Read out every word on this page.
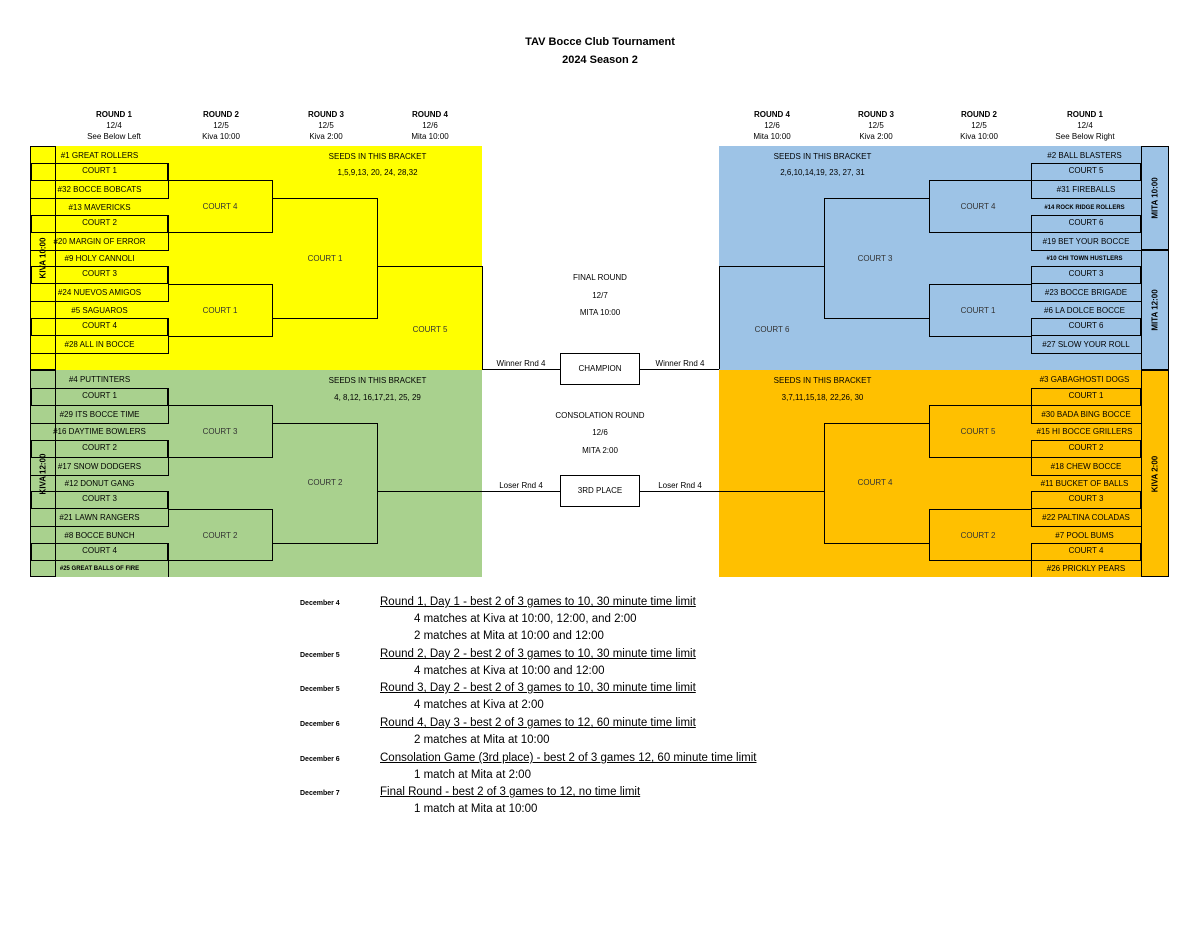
TAV Bocce Club Tournament
2024 Season 2
ROUND 1
12/4
See Below Left
ROUND 2
12/5
Kiva 10:00
ROUND 3
12/5
Kiva 2:00
ROUND 4
12/6
Mita 10:00
ROUND 4
12/6
Mita 10:00
ROUND 3
12/5
Kiva 2:00
ROUND 2
12/5
Kiva 10:00
ROUND 1
12/4
See Below Right
KIVA 10:00
KIVA 12:00
MITA 10:00
MITA 12:00
KIVA 2:00
#1 GREAT ROLLERS
COURT 1
#32 BOCCE BOBCATS
#13 MAVERICKS
COURT 2
#20 MARGIN OF ERROR
#9 HOLY CANNOLI
COURT 3
#24 NUEVOS AMIGOS
#5 SAGUAROS
COURT 4
#28 ALL IN BOCCE
SEEDS IN THIS BRACKET
1,5,9,13, 20, 24, 28,32
COURT 4
COURT 1
COURT 1
COURT 5
#4 PUTTINTERS
COURT 1
#29 ITS BOCCE TIME
#16 DAYTIME BOWLERS
COURT 2
#17 SNOW DODGERS
#12 DONUT GANG
COURT 3
#21 LAWN RANGERS
#8 BOCCE BUNCH
COURT 4
#25 GREAT BALLS OF FIRE
SEEDS IN THIS BRACKET
4, 8,12, 16,17,21, 25, 29
COURT 3
COURT 2
COURT 2
#2 BALL BLASTERS
COURT 5
#31 FIREBALLS
#14 ROCK RIDGE ROLLERS
COURT 6
#19 BET YOUR BOCCE
#10 CHI TOWN HUSTLERS
COURT 3
#23 BOCCE BRIGADE
#6 LA DOLCE BOCCE
COURT 6
#27 SLOW YOUR ROLL
SEEDS IN THIS BRACKET
2,6,10,14,19, 23, 27, 31
COURT 4
COURT 3
COURT 1
COURT 6
#3 GABAGHOSTI DOGS
COURT 1
#30 BADA BING BOCCE
#15 HI BOCCE GRILLERS
COURT 2
#18 CHEW BOCCE
#11 BUCKET OF BALLS
COURT 3
#22 PALTINA COLADAS
#7 POOL BUMS
COURT 4
#26 PRICKLY PEARS
SEEDS IN THIS BRACKET
3,7,11,15,18, 22,26, 30
COURT 5
COURT 4
COURT 2
FINAL ROUND
12/7
MITA 10:00
Winner Rnd 4	Winner Rnd 4
CHAMPION
CONSOLATION ROUND
12/6
MITA 2:00
Loser Rnd 4	Loser Rnd 4
3RD PLACE
December 4	Round 1, Day 1 - best 2 of 3 games to 10, 30 minute time limit
4 matches at Kiva at 10:00, 12:00, and 2:00
2 matches at Mita at 10:00 and 12:00
December 5	Round 2, Day 2 - best 2 of 3 games to 10, 30 minute time limit
4 matches at Kiva at 10:00 and 12:00
December 5	Round 3, Day 2 - best 2 of 3 games to 10, 30 minute time limit
4 matches at Kiva at 2:00
December 6	Round 4, Day 3 - best 2 of 3 games to 12, 60 minute time limit
2 matches at Mita at 10:00
December 6	Consolation Game (3rd place) - best 2 of 3 games 12, 60 minute time limit
1 match at Mita at 2:00
December 7	Final Round - best 2 of 3 games to 12, no time limit
1 match at Mita at 10:00
